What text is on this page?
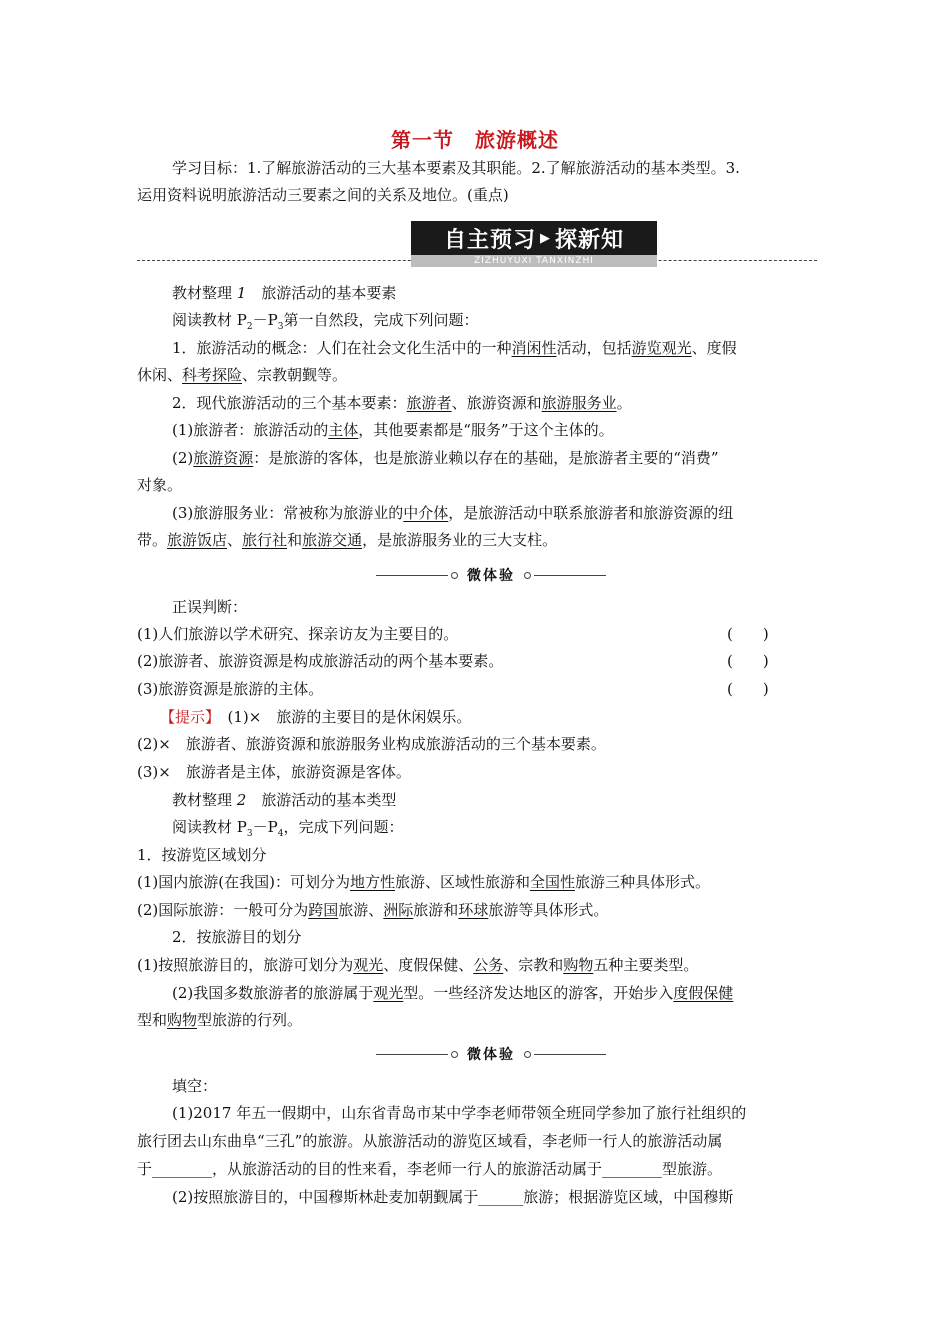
第一节　旅游概述
学习目标：1.了解旅游活动的三大基本要素及其职能。2.了解旅游活动的基本类型。3.
运用资料说明旅游活动三要素之间的关系及地位。(重点)
自主预习 ▶ 探新知
ZIZHUYUXI TANXINZHI
教材整理 1　旅游活动的基本要素
阅读教材 $P_2-P_3$第一自然段，完成下列问题：
1．旅游活动的概念：人们在社会文化生活中的一种消闲性活动，包括游览观光、度假
休闲、科考探险、宗教朝觐等。
2．现代旅游活动的三个基本要素：旅游者、旅游资源和旅游服务业。
(1)旅游者：旅游活动的主体，其他要素都是“服务”于这个主体的。
(2)旅游资源：是旅游的客体，也是旅游业赖以存在的基础，是旅游者主要的“消费”
对象。
(3)旅游服务业：常被称为旅游业的中介体，是旅游活动中联系旅游者和旅游资源的纽
带。旅游饭店、旅行社和旅游交通，是旅游服务业的三大支柱。
微体验
正误判断：
(1)人们旅游以学术研究、探亲访友为主要目的。	(　　)
(2)旅游者、旅游资源是构成旅游活动的两个基本要素。	(　　)
(3)旅游资源是旅游的主体。	(　　)
【提示】　(1)×　旅游的主要目的是休闲娱乐。
(2)×　旅游者、旅游资源和旅游服务业构成旅游活动的三个基本要素。
(3)×　旅游者是主体，旅游资源是客体。
教材整理 2　旅游活动的基本类型
阅读教材 $P_3-P_4$，完成下列问题：
1．按游览区域划分
(1)国内旅游(在我国)：可划分为地方性旅游、区域性旅游和全国性旅游三种具体形式。
(2)国际旅游：一般可分为跨国旅游、洲际旅游和环球旅游等具体形式。
2．按旅游目的划分
(1)按照旅游目的，旅游可划分为观光、度假保健、公务、宗教和购物五种主要类型。
(2)我国多数旅游者的旅游属于观光型。一些经济发达地区的游客，开始步入度假保健
型和购物型旅游的行列。
微体验
填空：
(1)2017 年五一假期中，山东省青岛市某中学李老师带领全班同学参加了旅行社组织的
旅行团去山东曲阜“三孔”的旅游。从旅游活动的游览区域看，李老师一行人的旅游活动属
于________，从旅游活动的目的性来看，李老师一行人的旅游活动属于________型旅游。
(2)按照旅游目的，中国穆斯林赴麦加朝觐属于______旅游；根据游览区域，中国穆斯
